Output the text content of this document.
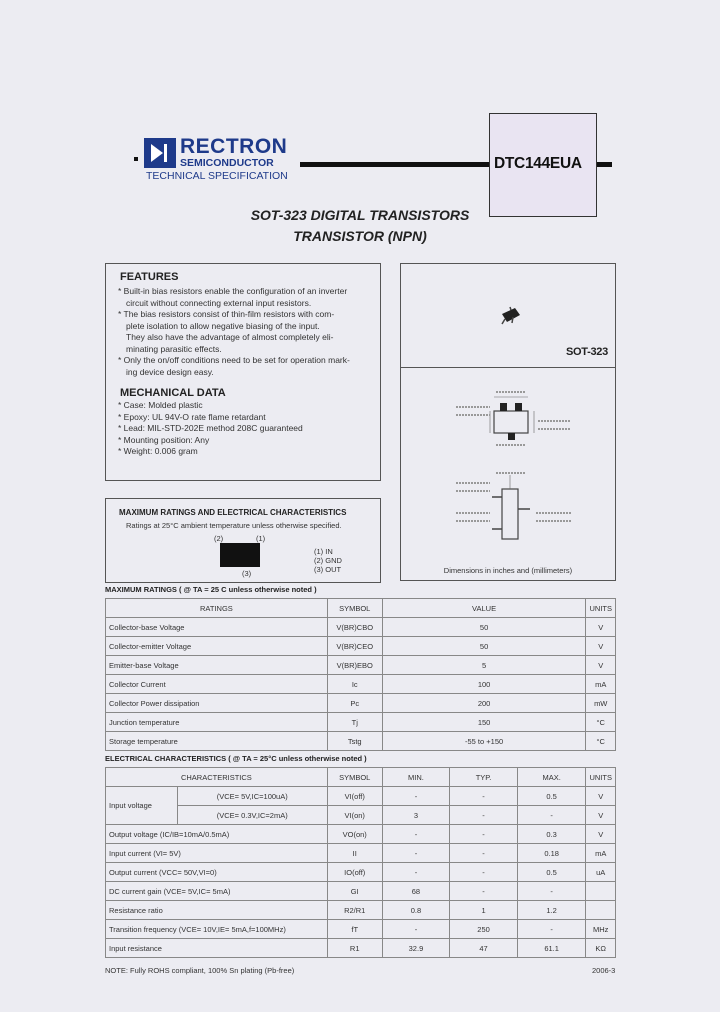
RECTRON
SEMICONDUCTOR
TECHNICAL SPECIFICATION
DTC144EUA
SOT-323 DIGITAL TRANSISTORS
TRANSISTOR (NPN)
FEATURES
* Built-in bias resistors enable the configuration of an inverter
circuit without connecting external input resistors.
* The bias resistors consist of thin-film resistors with com-
plete isolation to allow negative biasing of the input.
They also have the advantage of almost completely eli-
minating parasitic effects.
* Only the on/off conditions need to be set for operation mark-
ing device design easy.
MECHANICAL DATA
* Case: Molded plastic
* Epoxy: UL 94V-O rate flame retardant
* Lead: MIL-STD-202E method 208C guaranteed
* Mounting position: Any
* Weight: 0.006 gram
SOT-323
Dimensions in inches and (millimeters)
MAXIMUM RATINGS AND ELECTRICAL CHARACTERISTICS
Ratings at 25°C ambient temperature unless otherwise specified.
(2)	(1)
(3)
(1) IN
(2) GND
(3) OUT
MAXIMUM RATINGS ( @ TA = 25 C unless otherwise noted )
RATINGS	SYMBOL	VALUE	UNITS
Collector-base Voltage	V(BR)CBO	50	V
Collector-emitter Voltage	V(BR)CEO	50	V
Emitter-base Voltage	V(BR)EBO	5	V
Collector Current	Ic	100	mA
Collector Power dissipation	Pc	200	mW
Junction temperature	Tj	150	°C
Storage temperature	Tstg	-55 to +150	°C
ELECTRICAL CHARACTERISTICS ( @ TA = 25°C unless otherwise noted )
CHARACTERISTICS		SYMBOL	MIN.	TYP.	MAX.	UNITS
Input voltage	(VCE= 5V,IC=100uA)	VI(off)	-	-	0.5	V
	(VCE= 0.3V,IC=2mA)	VI(on)	3	-	-	V
Output voltage (IC/IB=10mA/0.5mA)		VO(on)	-	-	0.3	V
Input current (VI= 5V)		II	-	-	0.18	mA
Output current (VCC= 50V,VI=0)		IO(off)	-	-	0.5	uA
DC current gain (VCE= 5V,IC= 5mA)		GI	68	-	-	
Resistance ratio		R2/R1	0.8	1	1.2	
Transition frequency (VCE= 10V,IE= 5mA,f=100MHz)		fT	-	250	-	MHz
Input resistance		R1	32.9	47	61.1	KΩ
NOTE: Fully ROHS compliant, 100% Sn plating (Pb-free)	2006-3
